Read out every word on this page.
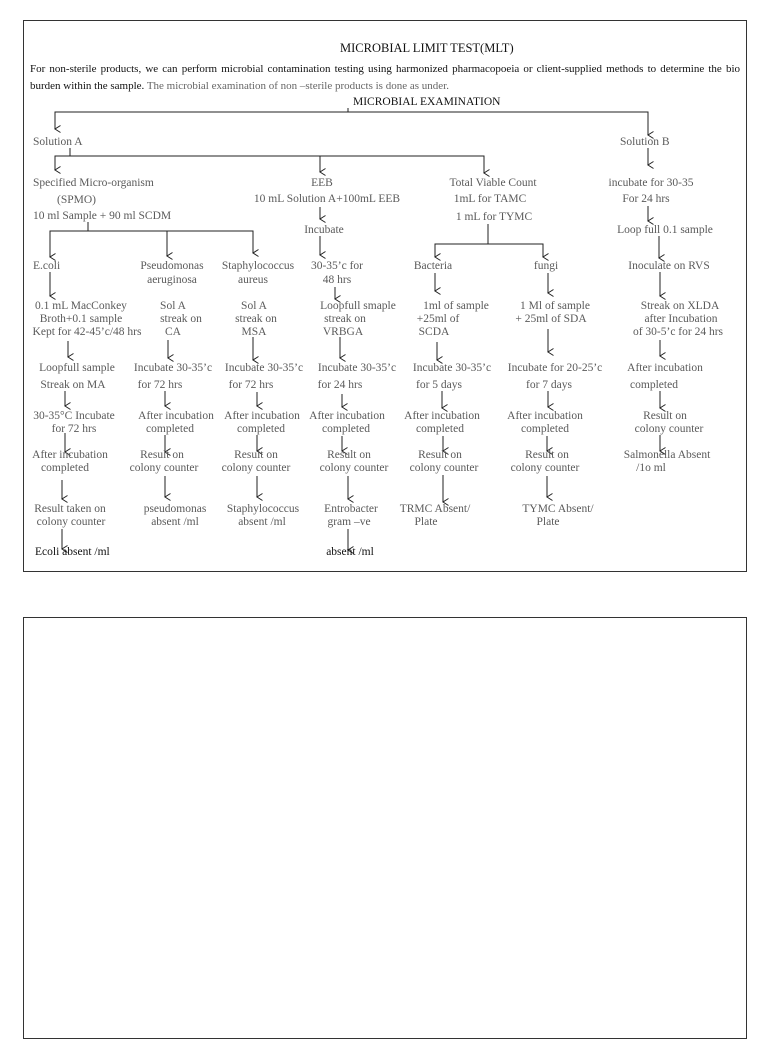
MICROBIAL LIMIT TEST(MLT)
For non-sterile products, we can perform microbial contamination testing using harmonized pharmacopoeia or client-supplied methods to determine the bio burden within the sample. The microbial examination of non –sterile products is done as under.
MICROBIAL EXAMINATION
Solution A	Solution B
Specified Micro-organism
(SPMO)
10 ml Sample + 90 ml SCDM
EEB
10 mL Solution A+100mL EEB
Incubate
Total Viable Count
1mL for TAMC
1 mL for TYMC
incubate for 30-35
For 24 hrs
Loop full 0.1 sample
Inoculate on RVS
Streak on XLDA
after Incubation
of 30-5’c for 24 hrs
After incubation
completed
Result on
colony counter
Salmonella Absent
/1o ml
E.coli
0.1 mL MacConkey
Broth+0.1 sample
Kept for 42-45’c/48 hrs
Loopfull sample
Streak on MA
30-35°C Incubate
for 72 hrs
After incubation
completed
Result taken on
colony counter
Ecoli absent /ml
Pseudomonas
aeruginosa
Sol A
streak on
CA
Incubate 30-35’c
for 72 hrs
After incubation
completed
Result on
colony counter
pseudomonas
absent /ml
Staphylococcus
aureus
Sol A
streak on
MSA
Incubate 30-35’c
for 72 hrs
After incubation
completed
Result on
colony counter
Staphylococcus
absent /ml
30-35’c for
48 hrs
Loopfull smaple
streak on
VRBGA
Incubate 30-35’c
for 24 hrs
After incubation
completed
Result on
colony counter
Entrobacter
gram –ve
absent /ml
Bacteria
1ml of sample
+25ml of
SCDA
Incubate 30-35’c
for 5 days
After incubation
completed
Result on
colony counter
TRMC Absent/
Plate
fungi
1 Ml of sample
+ 25ml of SDA
Incubate for 20-25’c
for 7 days
After incubation
completed
Result on
colony counter
TYMC Absent/
Plate
